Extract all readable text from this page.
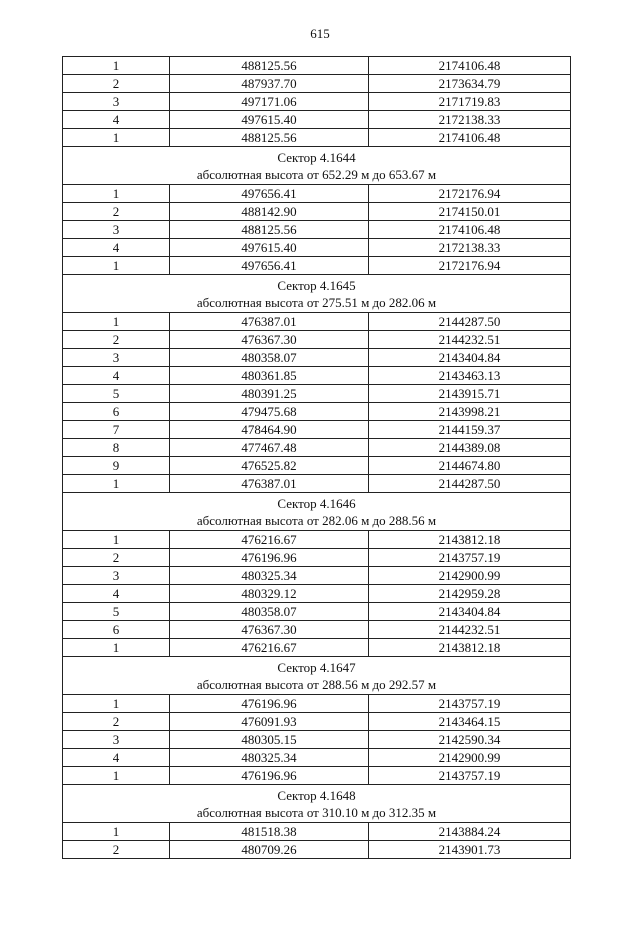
615
1	488125.56	2174106.48
2	487937.70	2173634.79
3	497171.06	2171719.83
4	497615.40	2172138.33
1	488125.56	2174106.48

Сектор 4.1644
абсолютная высота от 652.29 м до 653.67 м		

1	497656.41	2172176.94
2	488142.90	2174150.01
3	488125.56	2174106.48
4	497615.40	2172138.33
1	497656.41	2172176.94

Сектор 4.1645
абсолютная высота от 275.51 м до 282.06 м		

1	476387.01	2144287.50
2	476367.30	2144232.51
3	480358.07	2143404.84
4	480361.85	2143463.13
5	480391.25	2143915.71
6	479475.68	2143998.21
7	478464.90	2144159.37
8	477467.48	2144389.08
9	476525.82	2144674.80
1	476387.01	2144287.50

Сектор 4.1646
абсолютная высота от 282.06 м до 288.56 м		

1	476216.67	2143812.18
2	476196.96	2143757.19
3	480325.34	2142900.99
4	480329.12	2142959.28
5	480358.07	2143404.84
6	476367.30	2144232.51
1	476216.67	2143812.18

Сектор 4.1647
абсолютная высота от 288.56 м до 292.57 м		

1	476196.96	2143757.19
2	476091.93	2143464.15
3	480305.15	2142590.34
4	480325.34	2142900.99
1	476196.96	2143757.19

Сектор 4.1648
абсолютная высота от 310.10 м до 312.35 м		

1	481518.38	2143884.24
2	480709.26	2143901.73
